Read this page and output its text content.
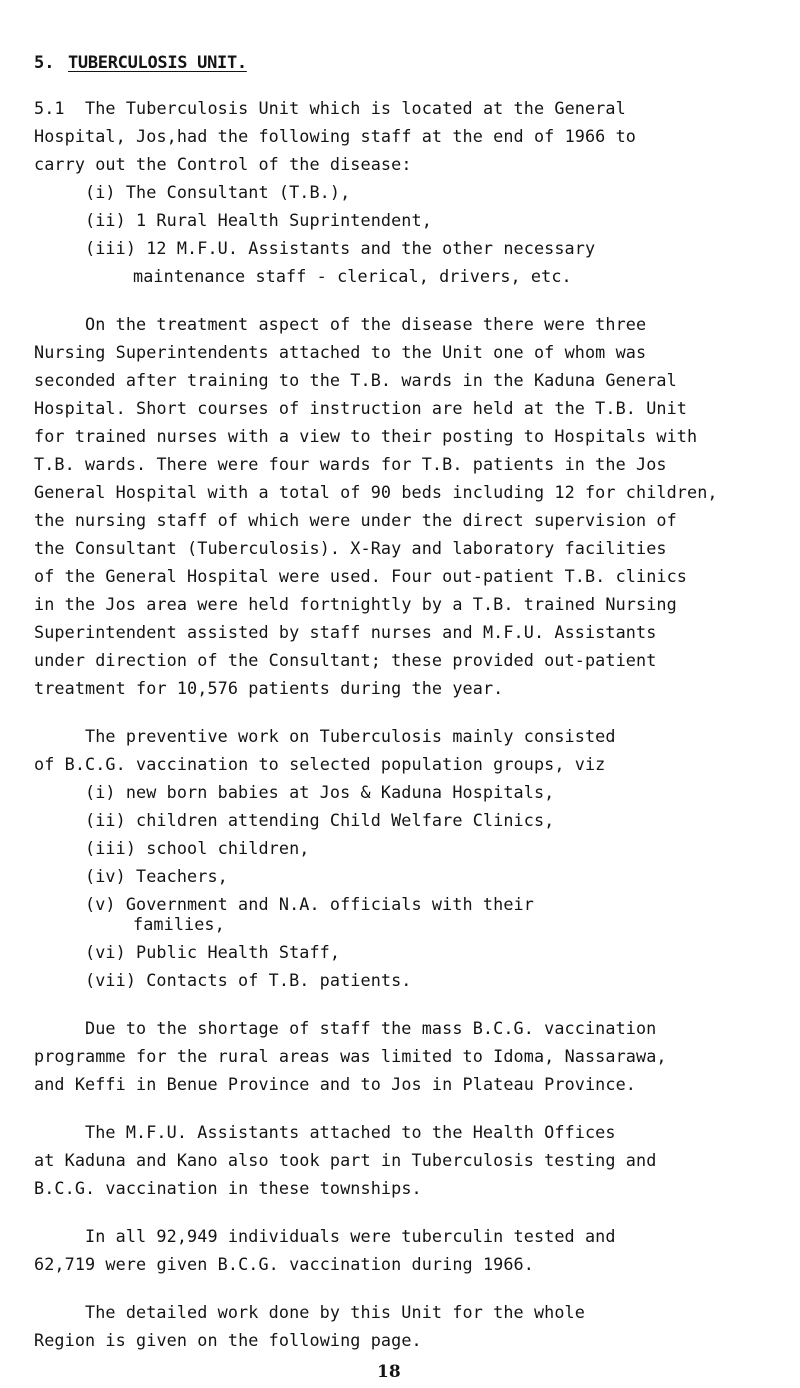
5. TUBERCULOSIS UNIT.
5.1  The Tuberculosis Unit which is located at the General
Hospital, Jos,had the following staff at the end of 1966 to
carry out the Control of the disease:
(i) The Consultant (T.B.),
(ii) 1 Rural Health Suprintendent,
(iii) 12 M.F.U. Assistants and the other necessary
maintenance staff - clerical, drivers, etc.
On the treatment aspect of the disease there were three
Nursing Superintendents attached to the Unit one of whom was
seconded after training to the T.B. wards in the Kaduna General
Hospital. Short courses of instruction are held at the T.B. Unit
for trained nurses with a view to their posting to Hospitals with
T.B. wards. There were four wards for T.B. patients in the Jos
General Hospital with a total of 90 beds including 12 for children,
the nursing staff of which were under the direct supervision of
the Consultant (Tuberculosis). X-Ray and laboratory facilities
of the General Hospital were used. Four out-patient T.B. clinics
in the Jos area were held fortnightly by a T.B. trained Nursing
Superintendent assisted by staff nurses and M.F.U. Assistants
under direction of the Consultant; these provided out-patient
treatment for 10,576 patients during the year.
The preventive work on Tuberculosis mainly consisted
of B.C.G. vaccination to selected population groups, viz
(i) new born babies at Jos & Kaduna Hospitals,
(ii) children attending Child Welfare Clinics,
(iii) school children,
(iv) Teachers,
(v) Government and N.A. officials with their
families,
(vi) Public Health Staff,
(vii) Contacts of T.B. patients.
Due to the shortage of staff the mass B.C.G. vaccination
programme for the rural areas was limited to Idoma, Nassarawa,
and Keffi in Benue Province and to Jos in Plateau Province.
The M.F.U. Assistants attached to the Health Offices
at Kaduna and Kano also took part in Tuberculosis testing and
B.C.G. vaccination in these townships.
In all 92,949 individuals were tuberculin tested and
62,719 were given B.C.G. vaccination during 1966.
The detailed work done by this Unit for the whole
Region is given on the following page.
18
